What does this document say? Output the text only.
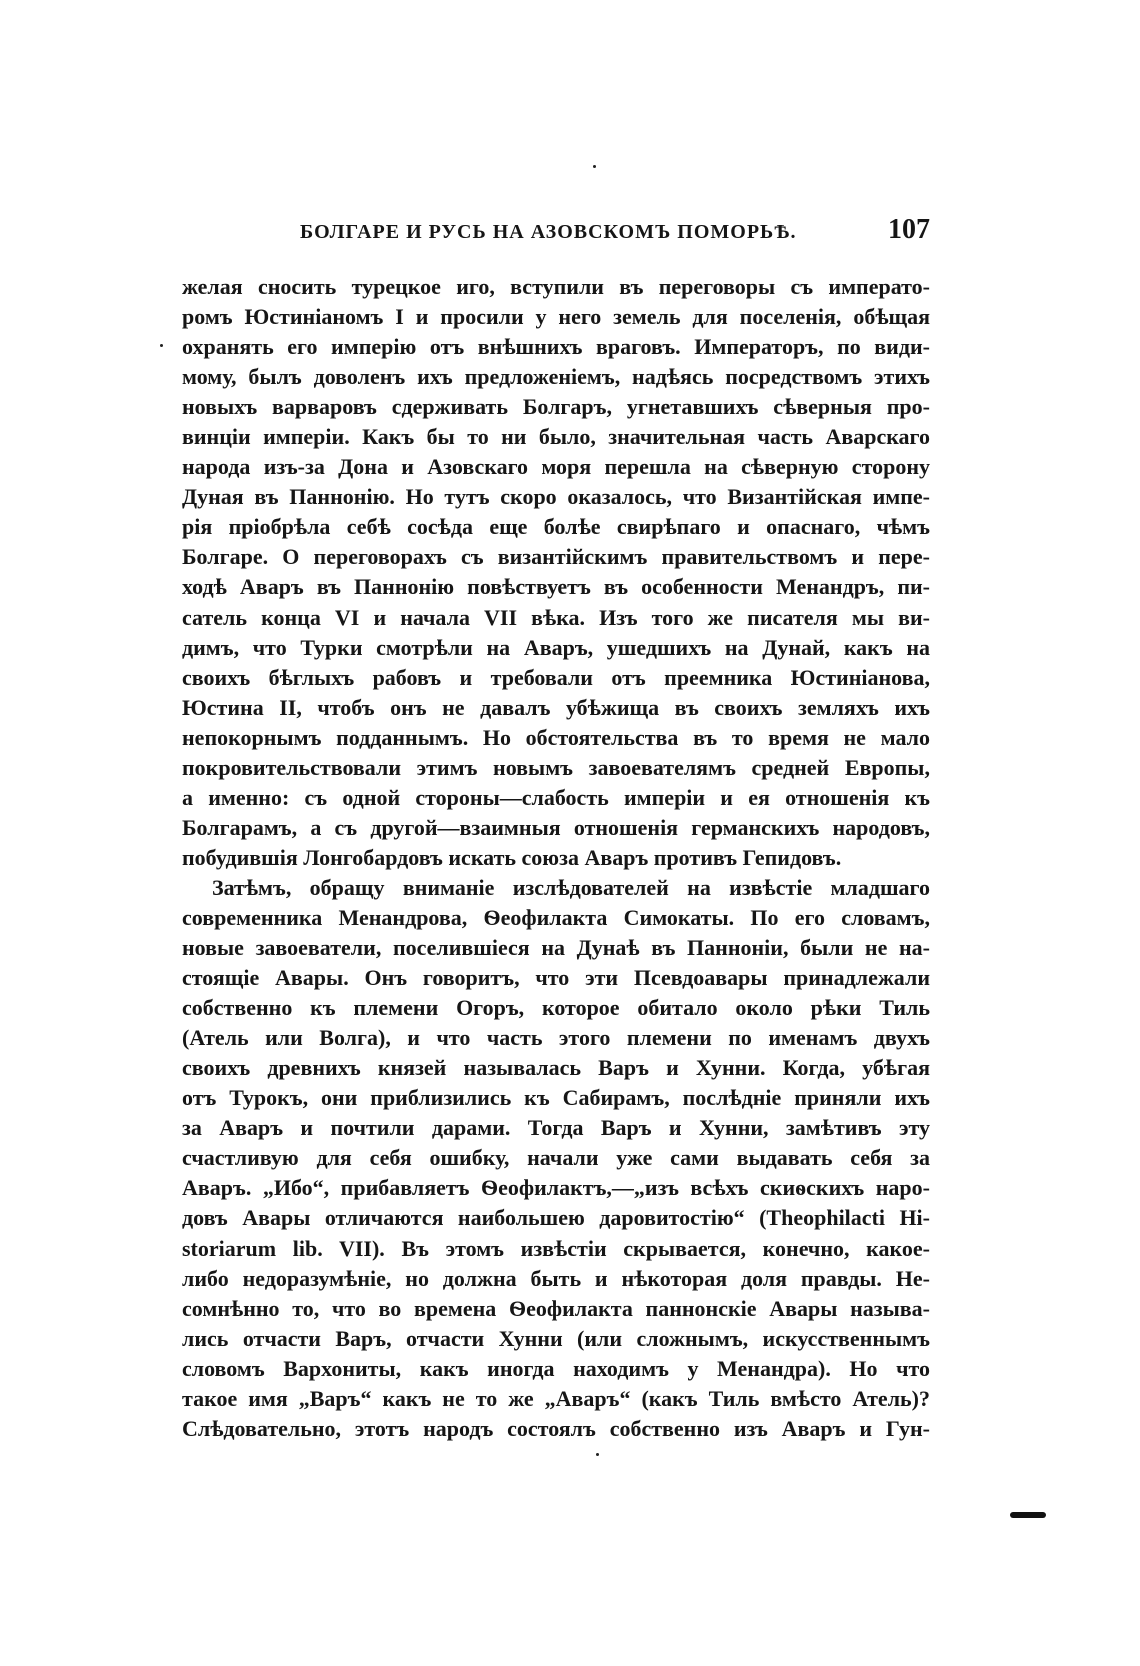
БОЛГАРЕ И РУСЬ НА АЗОВСКОМЪ ПОМОРЬѢ.	107
желая сносить турецкое иго, вступили въ переговоры съ императо-
ромъ Юстиніаномъ I и просили у него земель для поселенія, обѣщая
охранять его имперію отъ внѣшнихъ враговъ. Императоръ, по види-
мому, былъ доволенъ ихъ предложеніемъ, надѣясь посредствомъ этихъ
новыхъ варваровъ сдерживать Болгаръ, угнетавшихъ сѣверныя про-
винціи имперіи. Какъ бы то ни было, значительная часть Аварскаго
народа изъ-за Дона и Азовскаго моря перешла на сѣверную сторону
Дуная въ Паннонію. Но тутъ скоро оказалось, что Византійская импе-
рія пріобрѣла себѣ сосѣда еще болѣе свирѣпаго и опаснаго, чѣмъ
Болгаре. О переговорахъ съ византійскимъ правительствомъ и пере-
ходѣ Аваръ въ Паннонію повѣствуетъ въ особенности Менандръ, пи-
сатель конца VI и начала VII вѣка. Изъ того же писателя мы ви-
димъ, что Турки смотрѣли на Аваръ, ушедшихъ на Дунай, какъ на
своихъ бѣглыхъ рабовъ и требовали отъ преемника Юстиніанова,
Юстина II, чтобъ онъ не давалъ убѣжища въ своихъ земляхъ ихъ
непокорнымъ подданнымъ. Но обстоятельства въ то время не мало
покровительствовали этимъ новымъ завоевателямъ средней Европы,
а именно: съ одной стороны—слабость имперіи и ея отношенія къ
Болгарамъ, а съ другой—взаимныя отношенія германскихъ народовъ,
побудившія Лонгобардовъ искать союза Аваръ противъ Гепидовъ.
Затѣмъ, обращу вниманіе изслѣдователей на извѣстіе младшаго
современника Менандрова, Ѳеофилакта Симокаты. По его словамъ,
новые завоеватели, поселившіеся на Дунаѣ въ Панноніи, были не на-
стоящіе Авары. Онъ говоритъ, что эти Псевдоавары принадлежали
собственно къ племени Огоръ, которое обитало около рѣки Тиль
(Атель или Волга), и что часть этого племени по именамъ двухъ
своихъ древнихъ князей называлась Варъ и Хунни. Когда, убѣгая
отъ Турокъ, они приблизились къ Сабирамъ, послѣдніе приняли ихъ
за Аваръ и почтили дарами. Тогда Варъ и Хунни, замѣтивъ эту
счастливую для себя ошибку, начали уже сами выдавать себя за
Аваръ. „Ибо“, прибавляетъ Ѳеофилактъ,—„изъ всѣхъ скиѳскихъ наро-
довъ Авары отличаются наибольшею даровитостію“ (Theophilacti Hi-
storiarum lib. VII). Въ этомъ извѣстіи скрывается, конечно, какое-
либо недоразумѣніе, но должна быть и нѣкоторая доля правды. Не-
сомнѣнно то, что во времена Ѳеофилакта паннонскіе Авары называ-
лись отчасти Варъ, отчасти Хунни (или сложнымъ, искусственнымъ
словомъ Вархониты, какъ иногда находимъ у Менандра). Но что
такое имя „Варъ“ какъ не то же „Аваръ“ (какъ Тиль вмѣсто Атель)?
Слѣдовательно, этотъ народъ состоялъ собственно изъ Аваръ и Гун-
